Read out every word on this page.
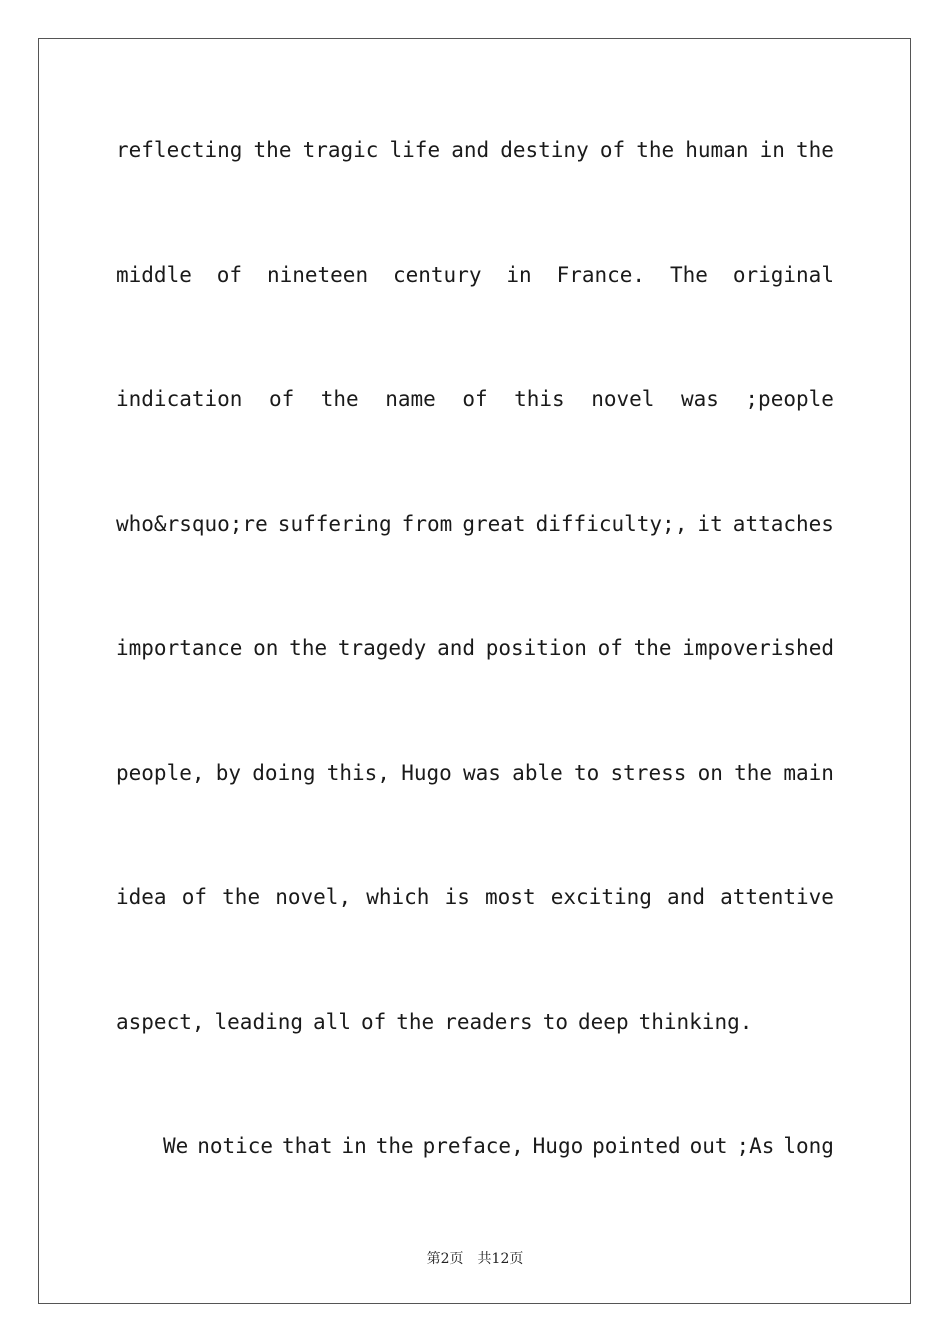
reflecting the tragic life and destiny of the human in the
middle of nineteen century in France. The original
indication of the name of this novel was ;people
who&rsquo;re suffering from great difficulty;, it attaches
importance on the tragedy and position of the impoverished
people, by doing this, Hugo was able to stress on the main
idea of the novel, which is most exciting and attentive
aspect, leading all of the readers to deep thinking.
We notice that in the preface, Hugo pointed out ;As long
第2页　共12页
